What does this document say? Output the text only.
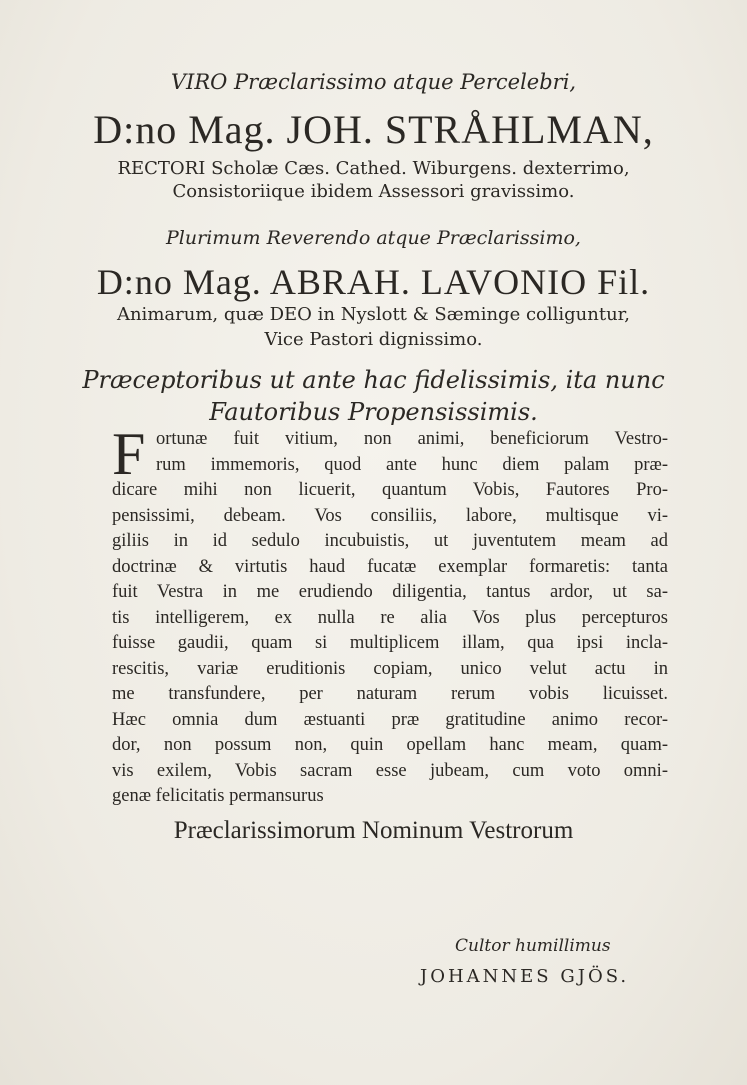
VIRO Præclarissimo atque Percelebri,
D:no Mag. JOH. STRÅHLMAN,
RECTORI Scholæ Cæs. Cathed. Wiburgens. dexterrimo,
Consistoriique ibidem Assessori gravissimo.
Plurimum Reverendo atque Præclarissimo,
D:no Mag. ABRAH. LAVONIO Fil.
Animarum, quæ DEO in Nyslott & Sæminge colliguntur,
Vice Pastori dignissimo.
Præceptoribus ut ante hac fidelissimis, ita nunc
Fautoribus Propensissimis.
F ortunæ fuit vitium, non animi, beneficiorum Vestro-
rum immemoris, quod ante hunc diem palam præ-
dicare mihi non licuerit, quantum Vobis, Fautores Pro-
pensissimi, debeam. Vos consiliis, labore, multisque vi-
giliis in id sedulo incubuistis, ut juventutem meam ad
doctrinæ & virtutis haud fucatæ exemplar formaretis: tanta
fuit Vestra in me erudiendo diligentia, tantus ardor, ut sa-
tis intelligerem, ex nulla re alia Vos plus percepturos
fuisse gaudii, quam si multiplicem illam, qua ipsi incla-
rescitis, variæ eruditionis copiam, unico velut actu in
me transfundere, per naturam rerum vobis licuisset.
Hæc omnia dum æstuanti præ gratitudine animo recor-
dor, non possum non, quin opellam hanc meam, quam-
vis exilem, Vobis sacram esse jubeam, cum voto omni-
genæ felicitatis permansurus
Præclarissimorum Nominum Vestrorum
Cultor humillimus
JOHANNES GJÖS.
